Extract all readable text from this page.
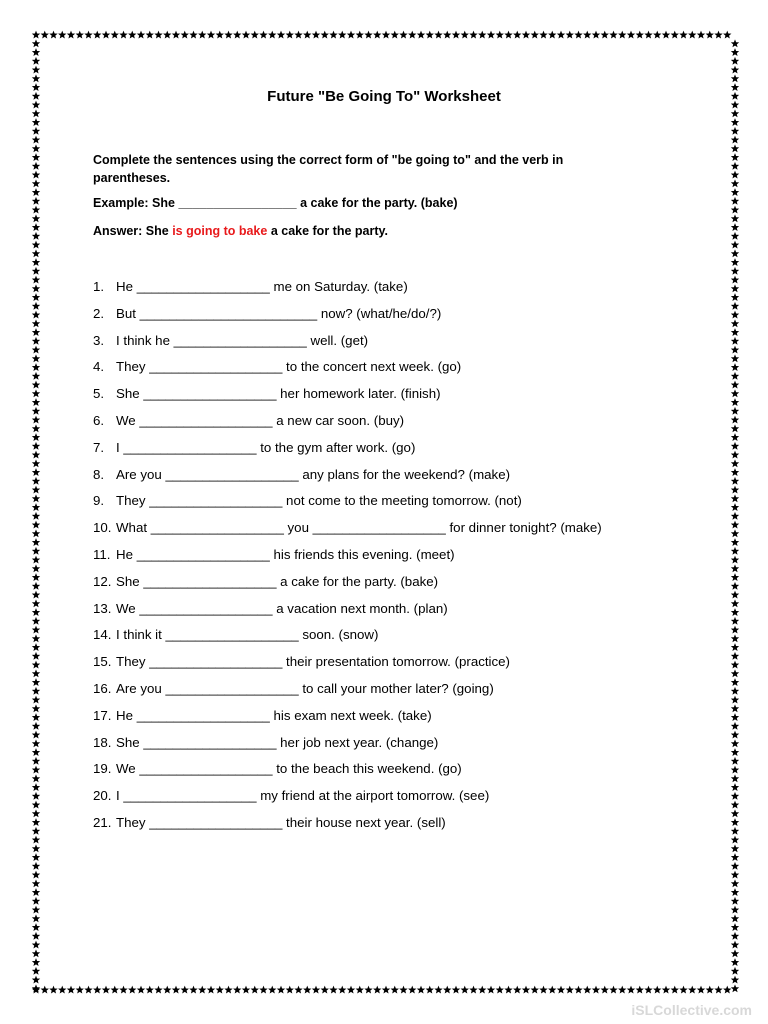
Future "Be Going To" Worksheet
Complete the sentences using the correct form of "be going to" and the verb in parentheses.
Example: She _________________ a cake for the party. (bake)
Answer: She is going to bake a cake for the party.
1. He __________________ me on Saturday. (take)
2. But ________________________ now? (what/he/do/?)
3. I think he __________________ well. (get)
4. They __________________ to the concert next week. (go)
5. She __________________ her homework later. (finish)
6. We __________________ a new car soon. (buy)
7. I __________________ to the gym after work. (go)
8. Are you __________________ any plans for the weekend? (make)
9. They __________________ not come to the meeting tomorrow. (not)
10. What __________________ you __________________ for dinner tonight? (make)
11. He __________________ his friends this evening. (meet)
12. She __________________ a cake for the party. (bake)
13. We __________________ a vacation next month. (plan)
14. I think it __________________ soon. (snow)
15. They __________________ their presentation tomorrow. (practice)
16. Are you __________________ to call your mother later? (going)
17. He __________________ his exam next week. (take)
18. She __________________ her job next year. (change)
19. We __________________ to the beach this weekend. (go)
20. I __________________ my friend at the airport tomorrow. (see)
21. They __________________ their house next year. (sell)
iSLCollective.com
